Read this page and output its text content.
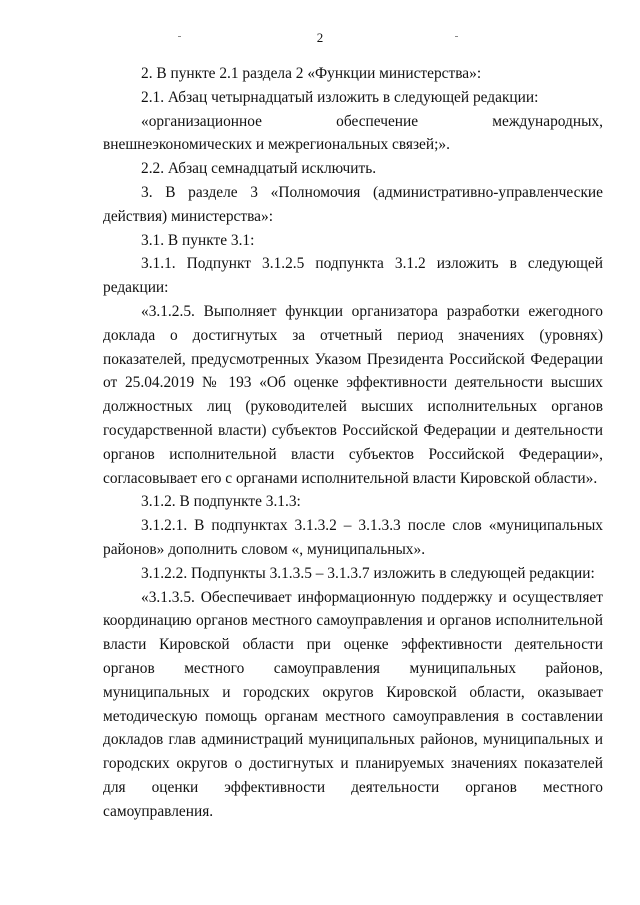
2

2. В пункте 2.1 раздела 2 «Функции министерства»:

2.1. Абзац четырнадцатый изложить в следующей редакции:

«организационное	обеспечение	международных,
внешнеэкономических и межрегиональных связей;».

2.2. Абзац семнадцатый исключить.

3. В разделе 3 «Полномочия (административно-управленческие действия) министерства»:

3.1. В пункте 3.1:

3.1.1. Подпункт 3.1.2.5 подпункта 3.1.2 изложить в следующей редакции:

«3.1.2.5. Выполняет функции организатора разработки ежегодного доклада о достигнутых за отчетный период значениях (уровнях) показателей, предусмотренных Указом Президента Российской Федерации от 25.04.2019 № 193 «Об оценке эффективности деятельности высших должностных лиц (руководителей высших исполнительных органов государственной власти) субъектов Российской Федерации и деятельности органов исполнительной власти субъектов Российской Федерации», согласовывает его с органами исполнительной власти Кировской области».

3.1.2. В подпункте 3.1.3:

3.1.2.1. В подпунктах 3.1.3.2 – 3.1.3.3 после слов «муниципальных районов» дополнить словом «, муниципальных».

3.1.2.2. Подпункты 3.1.3.5 – 3.1.3.7 изложить в следующей редакции:

«3.1.3.5. Обеспечивает информационную поддержку и осуществляет координацию органов местного самоуправления и органов исполнительной власти Кировской области при оценке эффективности деятельности органов местного самоуправления муниципальных районов, муниципальных и городских округов Кировской области, оказывает методическую помощь органам местного самоуправления в составлении докладов глав администраций муниципальных районов, муниципальных и городских округов о достигнутых и планируемых значениях показателей для оценки эффективности деятельности органов местного самоуправления.
